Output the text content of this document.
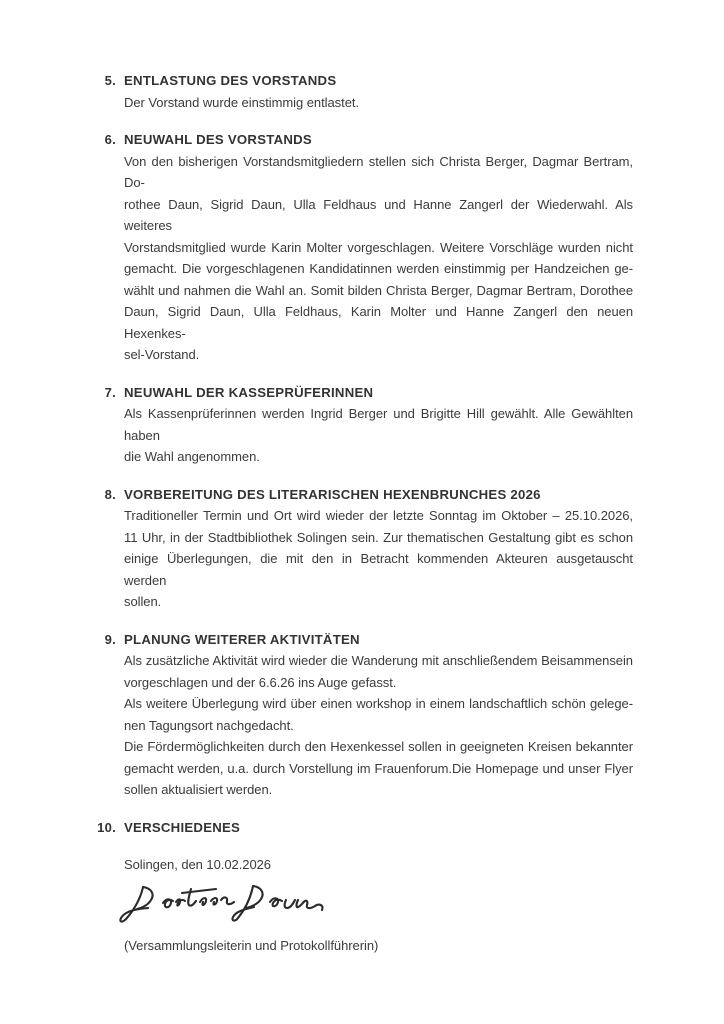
5. ENTLASTUNG DES VORSTANDS
Der Vorstand wurde einstimmig entlastet.
6. NEUWAHL DES VORSTANDS
Von den bisherigen Vorstandsmitgliedern stellen sich Christa Berger, Dagmar Bertram, Do-
rothee Daun, Sigrid Daun, Ulla Feldhaus und Hanne Zangerl der Wiederwahl. Als weiteres
Vorstandsmitglied wurde Karin Molter vorgeschlagen. Weitere Vorschläge wurden nicht
gemacht. Die vorgeschlagenen Kandidatinnen werden einstimmig per Handzeichen ge-
wählt und nahmen die Wahl an. Somit bilden Christa Berger, Dagmar Bertram, Dorothee
Daun, Sigrid Daun, Ulla Feldhaus, Karin Molter und Hanne Zangerl den neuen Hexenkes-
sel-Vorstand.
7. NEUWAHL DER KASSEPRÜFERINNEN
Als Kassenprüferinnen werden Ingrid Berger und Brigitte Hill gewählt. Alle Gewählten haben
die Wahl angenommen.
8. VORBEREITUNG DES LITERARISCHEN HEXENBRUNCHES 2026
Traditioneller Termin und Ort wird wieder der letzte Sonntag im Oktober – 25.10.2026,
11 Uhr, in der Stadtbibliothek Solingen sein. Zur thematischen Gestaltung gibt es schon
einige Überlegungen, die mit den in Betracht kommenden Akteuren ausgetauscht werden
sollen.
9. PLANUNG WEITERER AKTIVITÄTEN
Als zusätzliche Aktivität wird wieder die Wanderung mit anschließendem Beisammensein
vorgeschlagen und der 6.6.26 ins Auge gefasst.
Als weitere Überlegung wird über einen workshop in einem landschaftlich schön gelege-
nen Tagungsort nachgedacht.
Die Fördermöglichkeiten durch den Hexenkessel sollen in geeigneten Kreisen bekannter
gemacht werden, u.a. durch Vorstellung im Frauenforum.Die Homepage und unser Flyer
sollen aktualisiert werden.
10. VERSCHIEDENES
Solingen, den 10.02.2026
(Versammlungsleiterin und Protokollführerin)
